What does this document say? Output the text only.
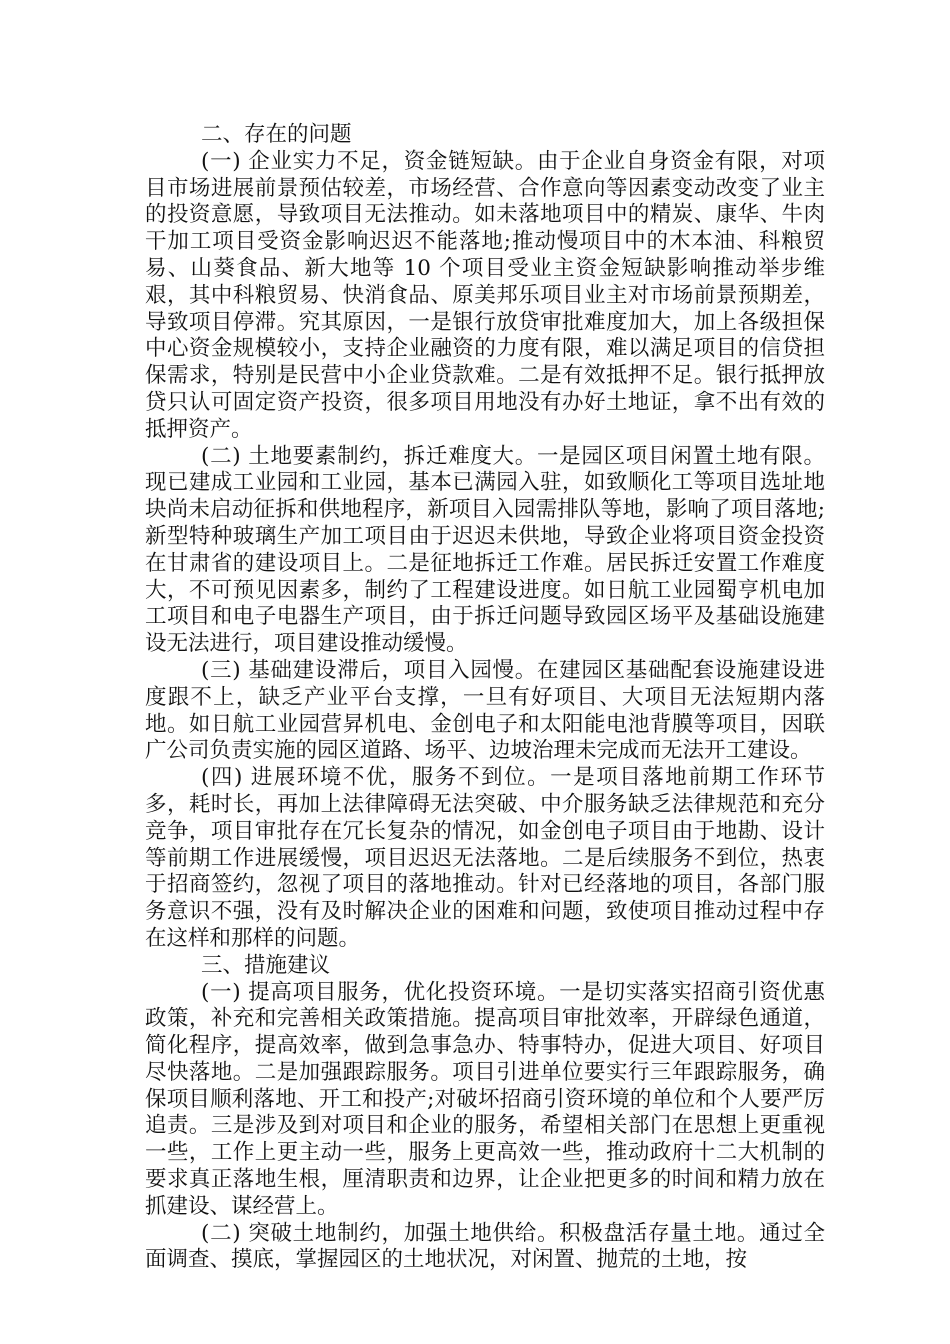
二、存在的问题

(一) 企业实力不足，资金链短缺。由于企业自身资金有限，对项目市场进展前景预估较差，市场经营、合作意向等因素变动改变了业主的投资意愿，导致项目无法推动。如未落地项目中的精炭、康华、牛肉干加工项目受资金影响迟迟不能落地;推动慢项目中的木本油、科粮贸易、山葵食品、新大地等 10 个项目受业主资金短缺影响推动举步维艰，其中科粮贸易、快消食品、原美邦乐项目业主对市场前景预期差，导致项目停滞。究其原因，一是银行放贷审批难度加大，加上各级担保中心资金规模较小，支持企业融资的力度有限，难以满足项目的信贷担保需求，特别是民营中小企业贷款难。二是有效抵押不足。银行抵押放贷只认可固定资产投资，很多项目用地没有办好土地证，拿不出有效的抵押资产。

(二) 土地要素制约，拆迁难度大。一是园区项目闲置土地有限。现已建成工业园和工业园，基本已满园入驻，如致顺化工等项目选址地块尚未启动征拆和供地程序，新项目入园需排队等地，影响了项目落地;新型特种玻璃生产加工项目由于迟迟未供地，导致企业将项目资金投资在甘肃省的建设项目上。二是征地拆迁工作难。居民拆迁安置工作难度大，不可预见因素多，制约了工程建设进度。如日航工业园蜀亨机电加工项目和电子电器生产项目，由于拆迁问题导致园区场平及基础设施建设无法进行，项目建设推动缓慢。

(三) 基础建设滞后，项目入园慢。在建园区基础配套设施建设进度跟不上，缺乏产业平台支撑，一旦有好项目、大项目无法短期内落地。如日航工业园营昇机电、金创电子和太阳能电池背膜等项目，因联广公司负责实施的园区道路、场平、边坡治理未完成而无法开工建设。

(四) 进展环境不优，服务不到位。一是项目落地前期工作环节多，耗时长，再加上法律障碍无法突破、中介服务缺乏法律规范和充分竞争，项目审批存在冗长复杂的情况，如金创电子项目由于地勘、设计等前期工作进展缓慢，项目迟迟无法落地。二是后续服务不到位，热衷于招商签约，忽视了项目的落地推动。针对已经落地的项目，各部门服务意识不强，没有及时解决企业的困难和问题，致使项目推动过程中存在这样和那样的问题。

三、措施建议

(一) 提高项目服务，优化投资环境。一是切实落实招商引资优惠政策，补充和完善相关政策措施。提高项目审批效率，开辟绿色通道，简化程序，提高效率，做到急事急办、特事特办，促进大项目、好项目尽快落地。二是加强跟踪服务。项目引进单位要实行三年跟踪服务，确保项目顺利落地、开工和投产;对破坏招商引资环境的单位和个人要严厉追责。三是涉及到对项目和企业的服务，希望相关部门在思想上更重视一些，工作上更主动一些，服务上更高效一些，推动政府十二大机制的要求真正落地生根，厘清职责和边界，让企业把更多的时间和精力放在抓建设、谋经营上。

(二) 突破土地制约，加强土地供给。积极盘活存量土地。通过全面调查、摸底，掌握园区的土地状况，对闲置、抛荒的土地，按
